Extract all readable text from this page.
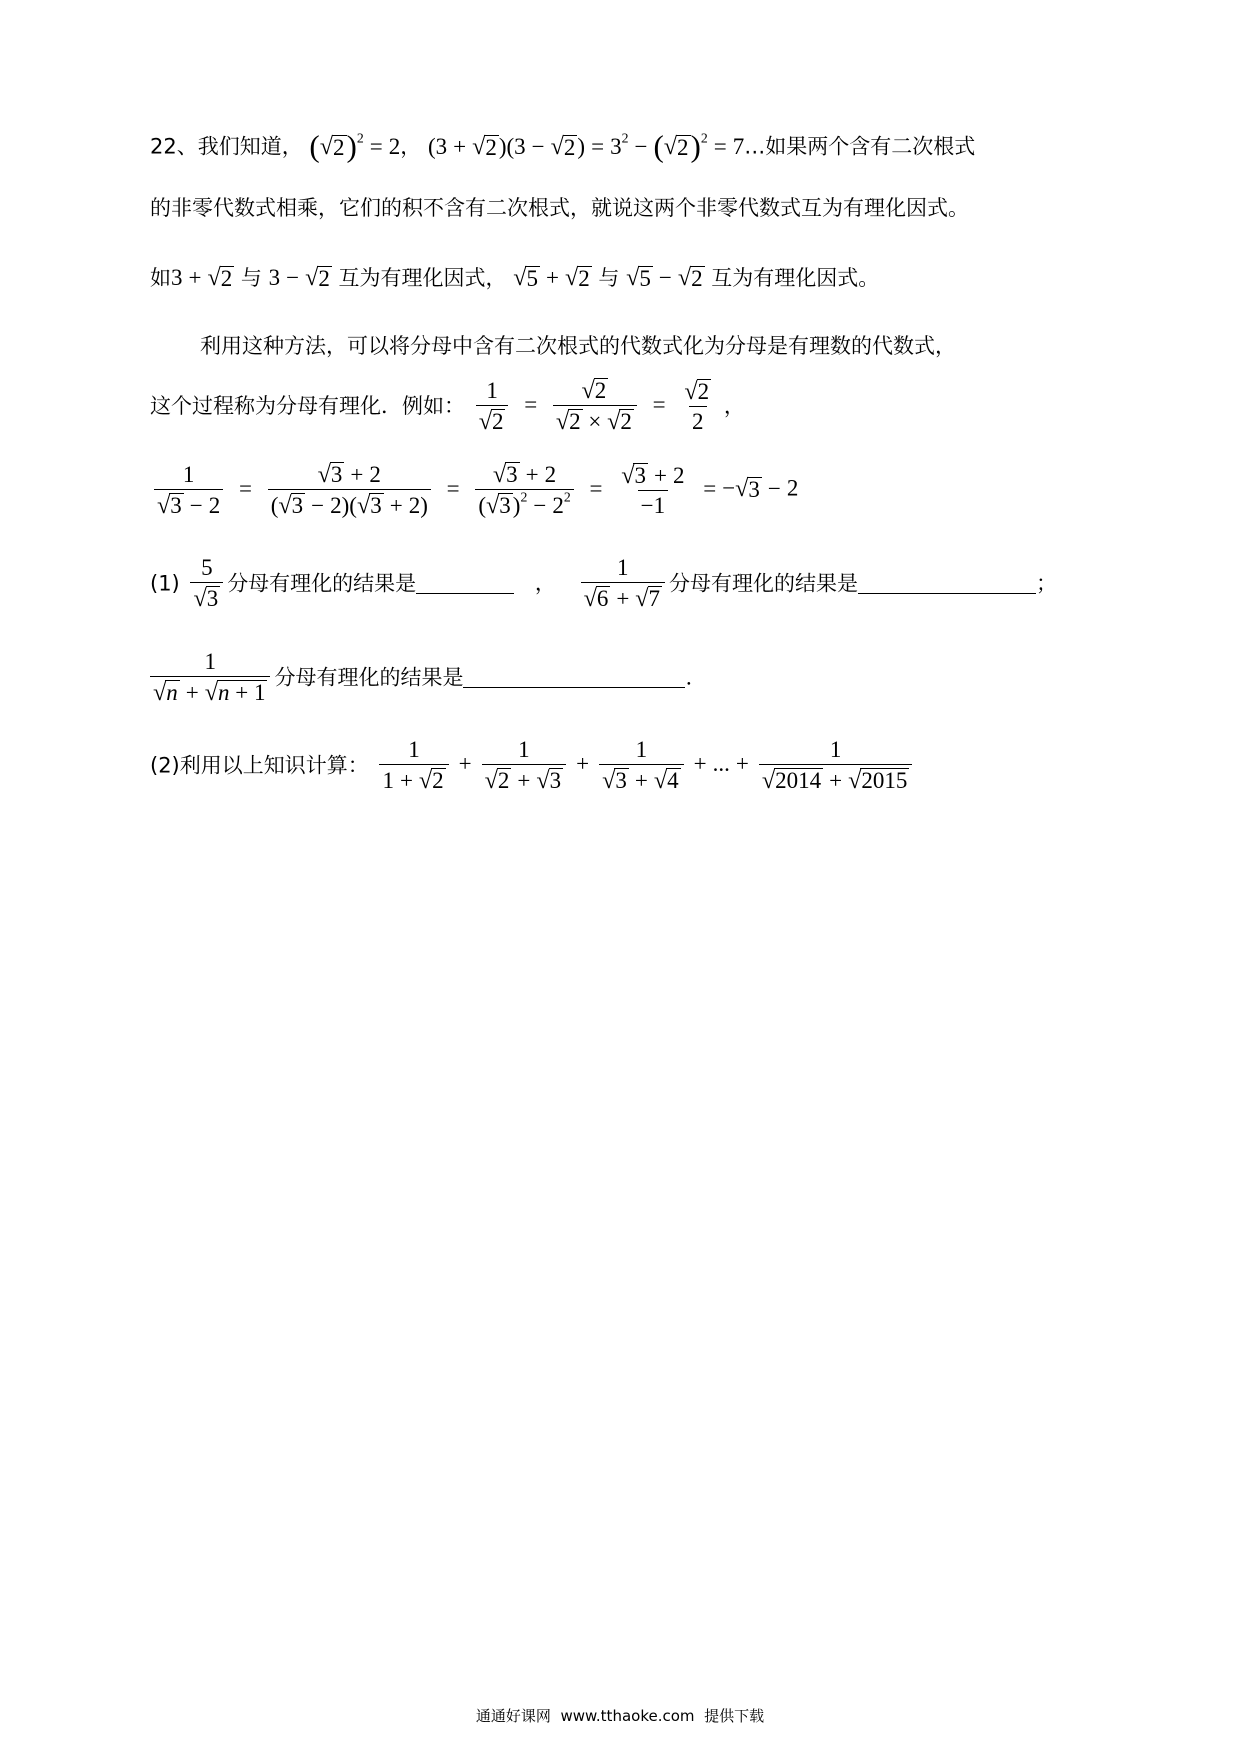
22、我们知道， ( √ 2 )$^2$ = 2， (3 + √ 2 )(3 − √ 2 ) = $3^2$ − ( √ 2 )$^2$ = 7…如果两个含有二次根式
的非零代数式相乘，它们的积不含有二次根式，就说这两个非零代数式互为有理化因式。
如3 + √ 2 与 3 − √ 2 互为有理化因式， √ 5 + √ 2 与 √ 5 − √ 2 互为有理化因式。
利用这种方法，可以将分母中含有二次根式的代数式化为分母是有理数的代数式，
这个过程称为分母有理化．例如： $\frac{1}{√ 2} = \frac{√ 2}{√ 2 \times √ 2} = \frac{√ 2}{2}$ ，
$\frac{1}{√ 3 - 2} = \frac{√ 3 + 2}{( √ 3 - 2)( √ 3 + 2)} = \frac{√ 3 + 2}{( √ 3 )^2 - 2^2} = \frac{√ 3 + 2}{-1}$ = − √ 3 − 2
$(1) \frac{5}{√ 3}$ 分母有理化的结果是	， $\frac{1}{√ 6 + √ 7}$ 分母有理化的结果是	；
$\frac{1}{√ n + √ n + 1}$ 分母有理化的结果是	.
(2)利用以上知识计算： $\frac{1}{1 + √ 2} + \frac{1}{√ 2 + √ 3} + \frac{1}{√ 3 + √ 4}$ + ... + $\frac{1}{√ 2014 + √ 2015}$
通通好课网 www.tthaoke.com 提供下载
